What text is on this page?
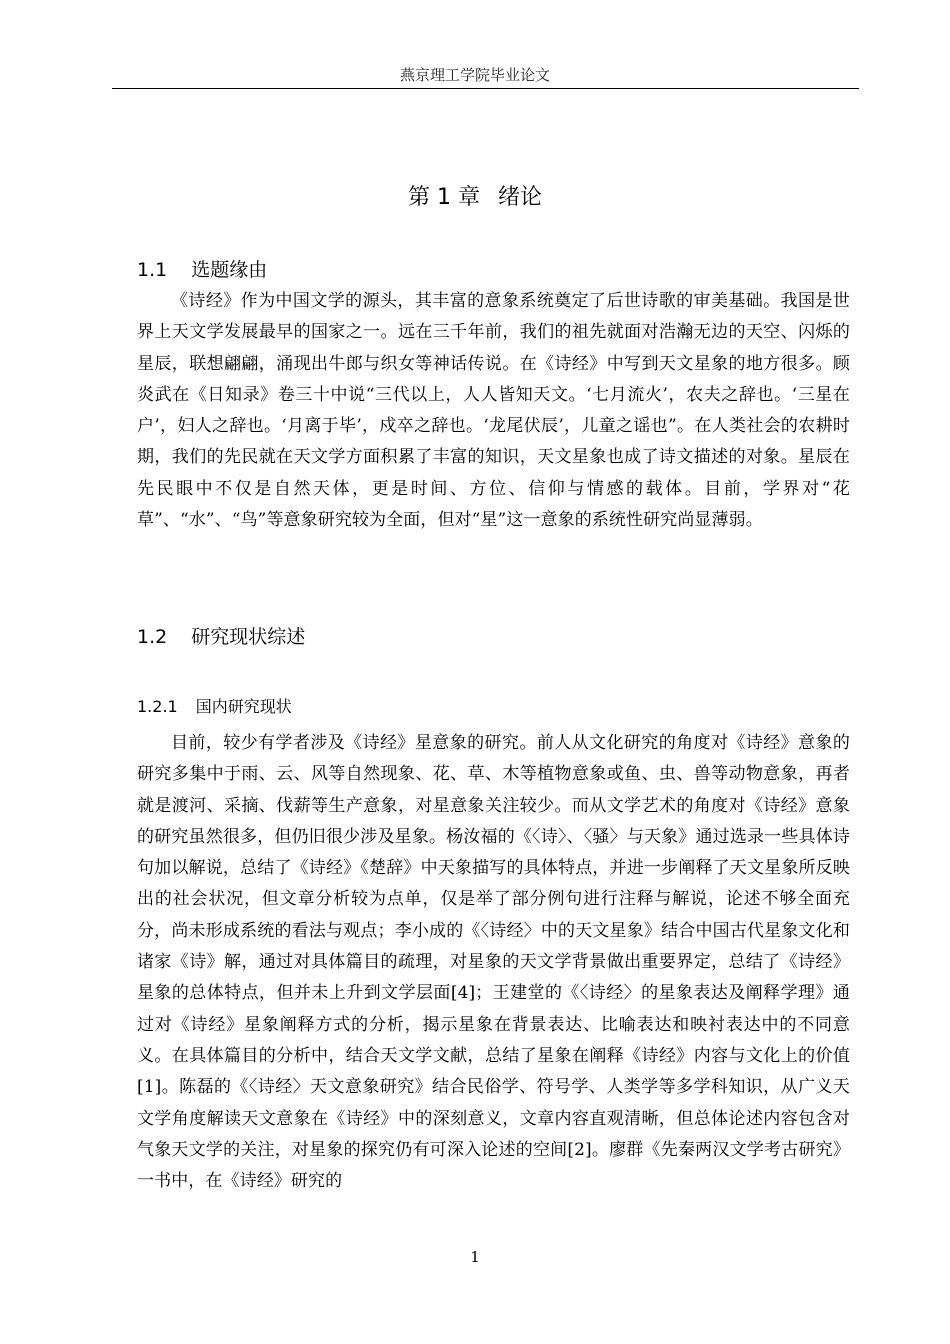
燕京理工学院毕业论文
第 1 章 绪论
1.1 选题缘由

《诗经》作为中国文学的源头，其丰富的意象系统奠定了后世诗歌的审美基础。我国是世界上天文学发展最早的国家之一。远在三千年前，我们的祖先就面对浩瀚无边的天空、闪烁的星辰，联想翩翩，涌现出牛郎与织女等神话传说。在《诗经》中写到天文星象的地方很多。顾炎武在《日知录》卷三十中说“三代以上，人人皆知天文。‘七月流火’，农夫之辞也。‘三星在户’，妇人之辞也。‘月离于毕’，戍卒之辞也。‘龙尾伏辰’，儿童之谣也”。在人类社会的农耕时期，我们的先民就在天文学方面积累了丰富的知识，天文星象也成了诗文描述的对象。星辰在先民眼中不仅是自然天体，更是时间、方位、信仰与情感的载体。目前，学界对“花草”、“水”、“鸟”等意象研究较为全面，但对“星”这一意象的系统性研究尚显薄弱。

1.2 研究现状综述
1.2.1 国内研究现状

目前，较少有学者涉及《诗经》星意象的研究。前人从文化研究的角度对《诗经》意象的研究多集中于雨、云、风等自然现象、花、草、木等植物意象或鱼、虫、兽等动物意象，再者就是渡河、采摘、伐薪等生产意象，对星意象关注较少。而从文学艺术的角度对《诗经》意象的研究虽然很多，但仍旧很少涉及星象。杨汝福的《〈诗〉、〈骚〉与天象》通过选录一些具体诗句加以解说，总结了《诗经》《楚辞》中天象描写的具体特点，并进一步阐释了天文星象所反映出的社会状况，但文章分析较为点单，仅是举了部分例句进行注释与解说，论述不够全面充分，尚未形成系统的看法与观点；李小成的《〈诗经〉中的天文星象》结合中国古代星象文化和诸家《诗》解，通过对具体篇目的疏理，对星象的天文学背景做出重要界定，总结了《诗经》星象的总体特点，但并未上升到文学层面[4]；王建堂的《〈诗经〉的星象表达及阐释学理》通过对《诗经》星象阐释方式的分析，揭示星象在背景表达、比喻表达和映衬表达中的不同意义。在具体篇目的分析中，结合天文学文献，总结了星象在阐释《诗经》内容与文化上的价值[1]。陈磊的《〈诗经〉天文意象研究》结合民俗学、符号学、人类学等多学科知识，从广义天文学角度解读天文意象在《诗经》中的深刻意义，文章内容直观清晰，但总体论述内容包含对气象天文学的关注，对星象的探究仍有可深入论述的空间[2]。廖群《先秦两汉文学考古研究》一书中，在《诗经》研究的

1
